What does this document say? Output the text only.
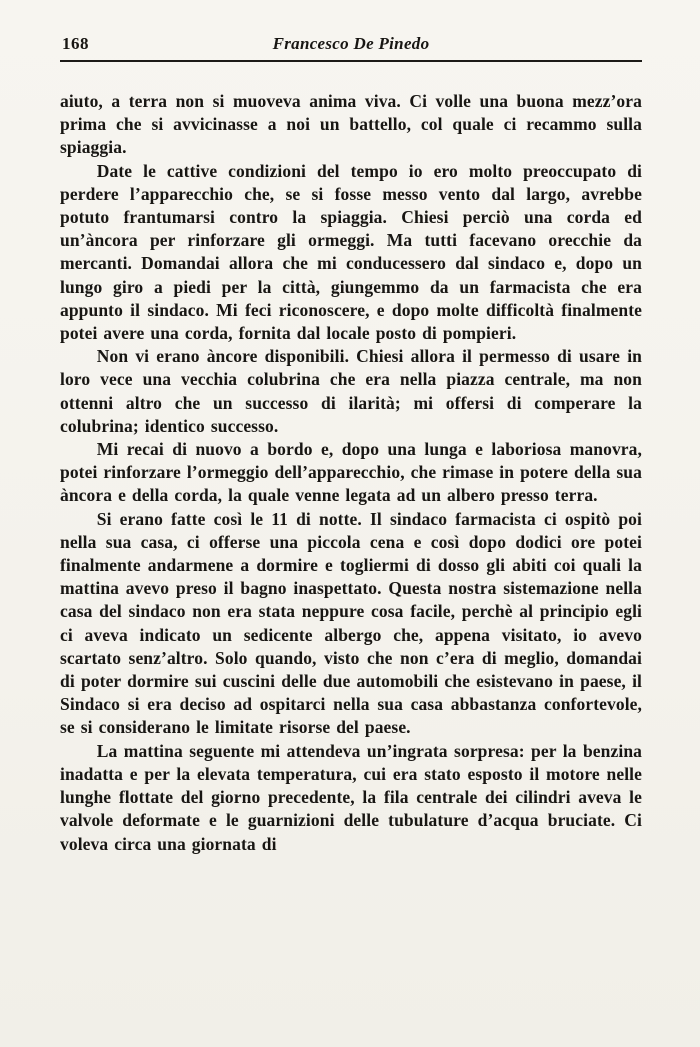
168	Francesco De Pinedo

aiuto, a terra non si muoveva anima viva. Ci volle una buona mezz’ora prima che si avvicinasse a noi un battello, col quale ci recammo sulla spiaggia.

Date le cattive condizioni del tempo io ero molto preoccupato di perdere l’apparecchio che, se si fosse messo vento dal largo, avrebbe potuto frantumarsi contro la spiaggia. Chiesi perciò una corda ed un’àncora per rinforzare gli ormeggi. Ma tutti facevano orecchie da mercanti. Domandai allora che mi conducessero dal sindaco e, dopo un lungo giro a piedi per la città, giungemmo da un farmacista che era appunto il sindaco. Mi feci riconoscere, e dopo molte difficoltà finalmente potei avere una corda, fornita dal locale posto di pompieri.

Non vi erano àncore disponibili. Chiesi allora il permesso di usare in loro vece una vecchia colubrina che era nella piazza centrale, ma non ottenni altro che un successo di ilarità; mi offersi di comperare la colubrina; identico successo.

Mi recai di nuovo a bordo e, dopo una lunga e laboriosa manovra, potei rinforzare l’ormeggio dell’apparecchio, che rimase in potere della sua àncora e della corda, la quale venne legata ad un albero presso terra.

Si erano fatte così le 11 di notte. Il sindaco farmacista ci ospitò poi nella sua casa, ci offerse una piccola cena e così dopo dodici ore potei finalmente andarmene a dormire e togliermi di dosso gli abiti coi quali la mattina avevo preso il bagno inaspettato. Questa nostra sistemazione nella casa del sindaco non era stata neppure cosa facile, perchè al principio egli ci aveva indicato un sedicente albergo che, appena visitato, io avevo scartato senz’altro. Solo quando, visto che non c’era di meglio, domandai di poter dormire sui cuscini delle due automobili che esistevano in paese, il Sindaco si era deciso ad ospitarci nella sua casa abbastanza confortevole, se si considerano le limitate risorse del paese.

La mattina seguente mi attendeva un’ingrata sorpresa: per la benzina inadatta e per la elevata temperatura, cui era stato esposto il motore nelle lunghe flottate del giorno precedente, la fila centrale dei cilindri aveva le valvole deformate e le guarnizioni delle tubulature d’acqua bruciate. Ci voleva circa una giornata di
